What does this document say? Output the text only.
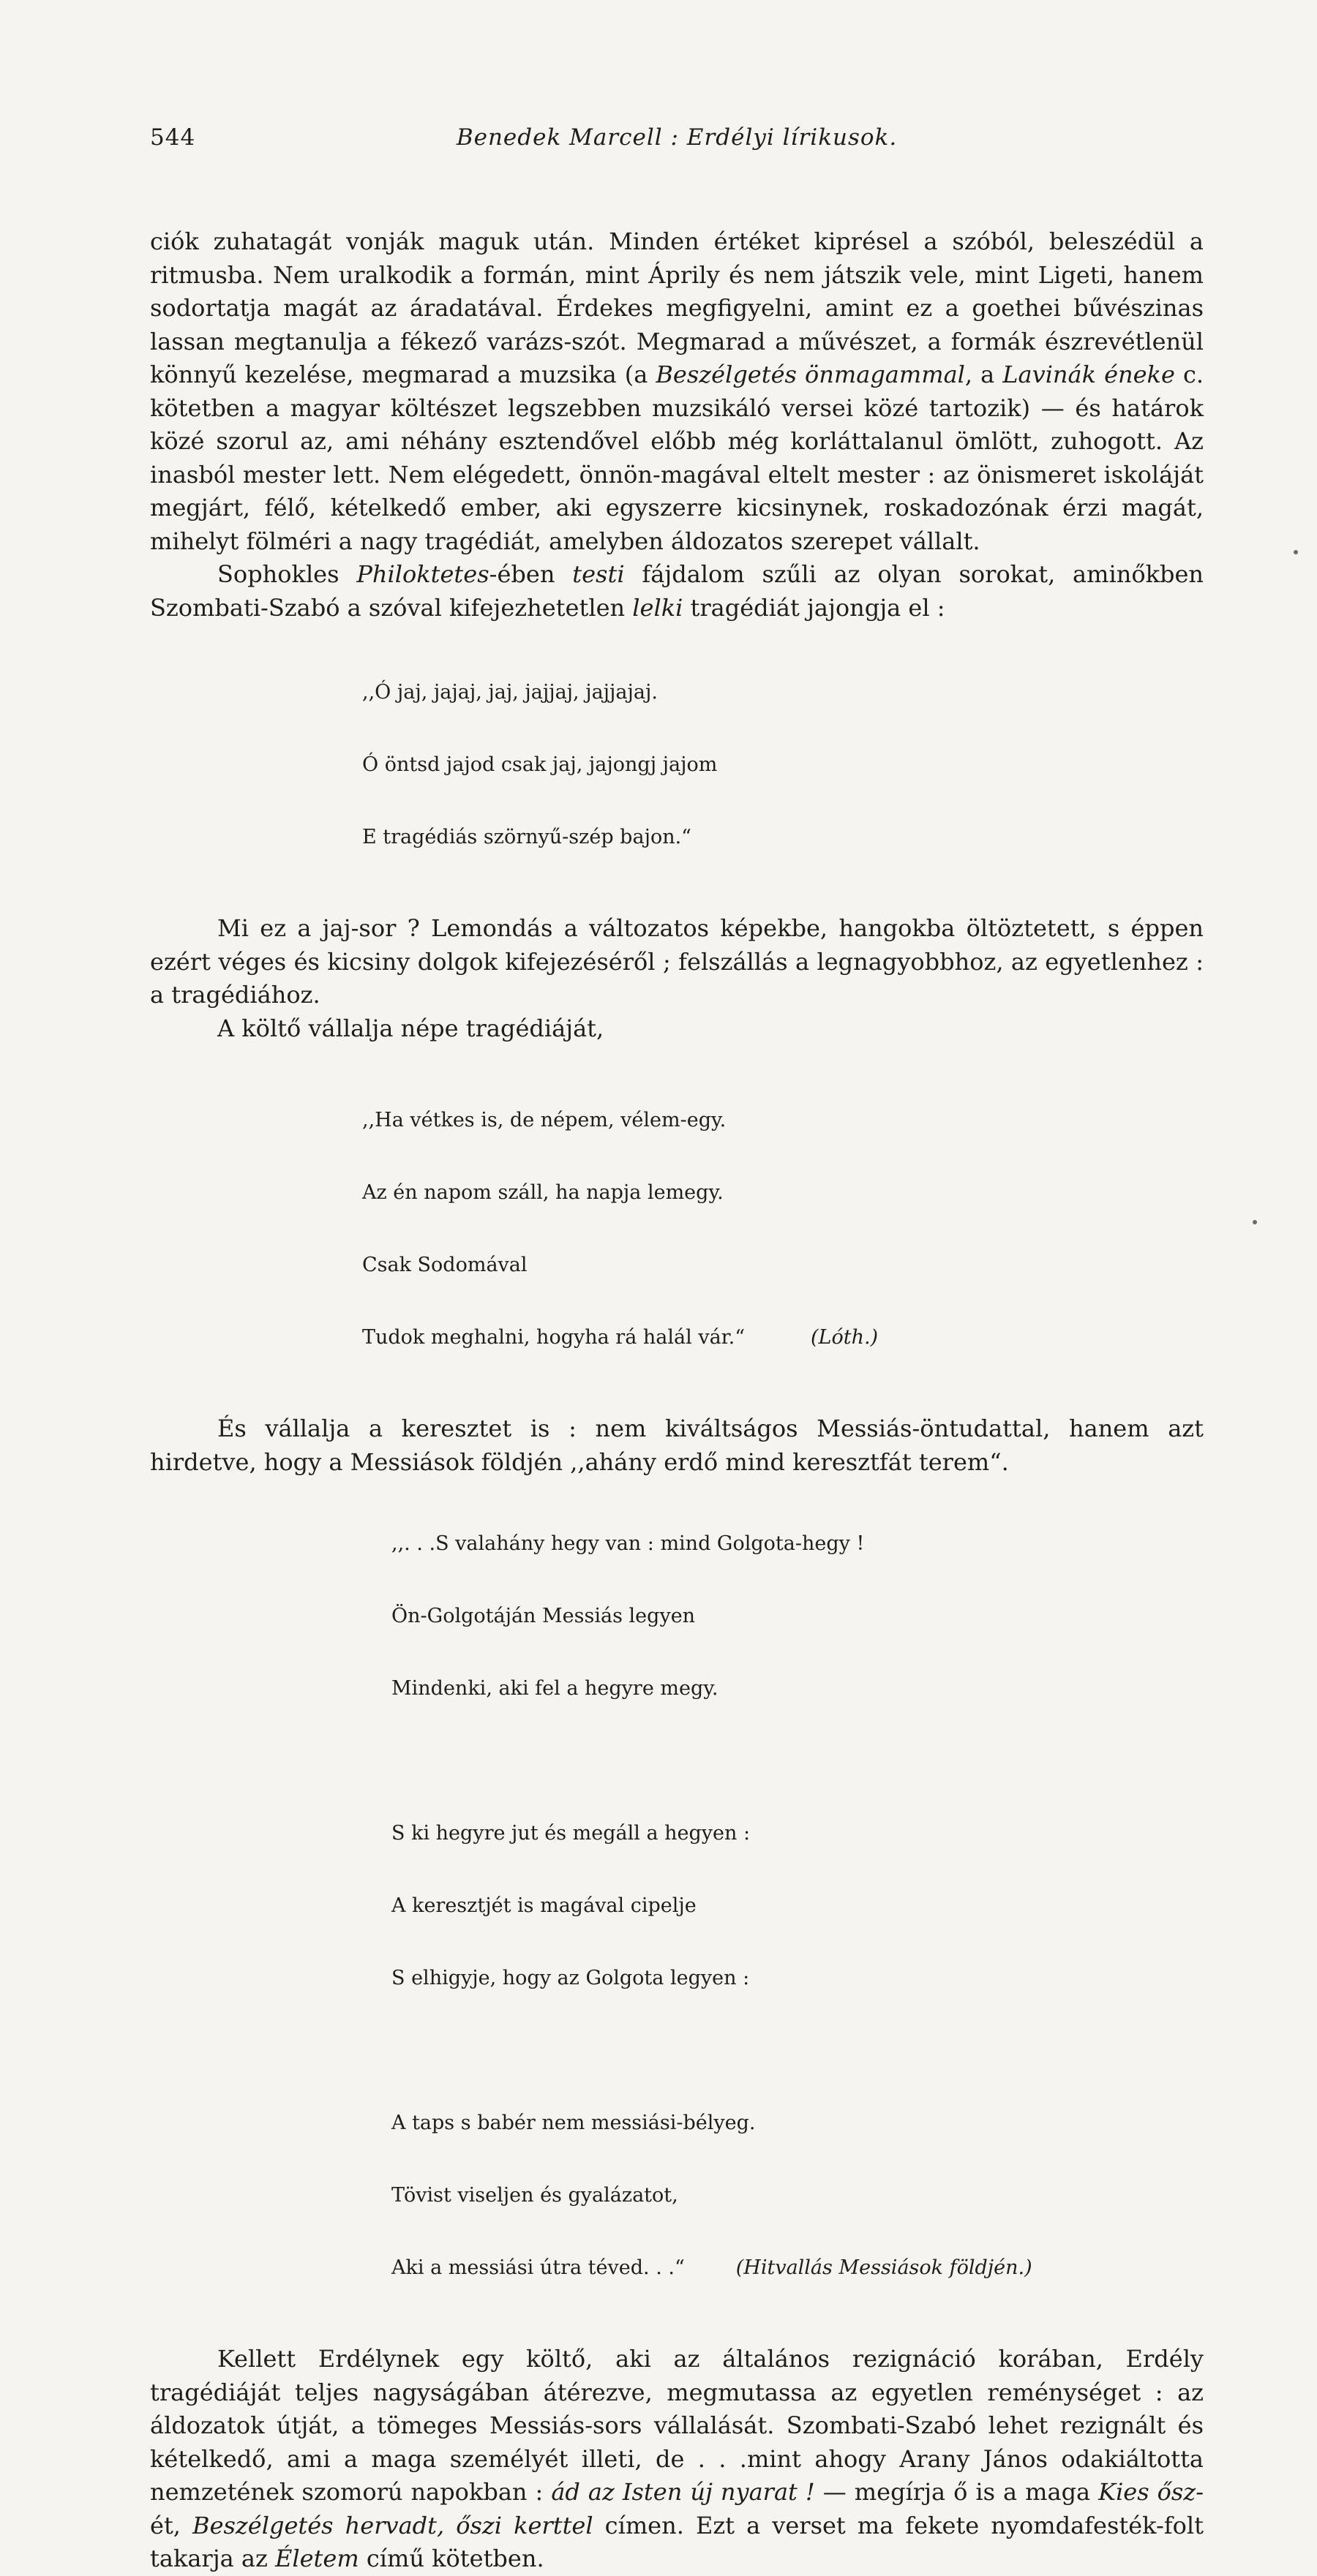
544	Benedek Marcell : Erdélyi lírikusok.

ciók zuhatagát vonják maguk után. Minden értéket kiprésel a szóból, beleszédül a ritmusba. Nem uralkodik a formán, mint Áprily és nem játszik vele, mint Ligeti, hanem sodortatja magát az áradatával. Érdekes megfigyelni, amint ez a goethei bűvészinas lassan megtanulja a fékező varázs-szót. Megmarad a művészet, a formák észrevétlenül könnyű kezelése, megmarad a muzsika (a Beszélgetés önmagammal, a Lavinák éneke c. kötetben a magyar költészet legszebben muzsikáló versei közé tartozik) — és határok közé szorul az, ami néhány esztendővel előbb még korláttalanul ömlött, zuhogott. Az inasból mester lett. Nem elégedett, önnön-magával eltelt mester : az önismeret iskoláját megjárt, félő, kételkedő ember, aki egyszerre kicsinynek, roskadozónak érzi magát, mihelyt fölméri a nagy tragédiát, amelyben áldozatos szerepet vállalt.

Sophokles Philoktetes-ében testi fájdalom szűli az olyan sorokat, aminőkben Szombati-Szabó a szóval kifejezhetetlen lelki tragédiát jajongja el :

,,Ó jaj, jajaj, jaj, jajjaj, jajjajaj.

Ó öntsd jajod csak jaj, jajongj jajom

E tragédiás szörnyű-szép bajon.“

Mi ez a jaj-sor ? Lemondás a változatos képekbe, hangokba öltöztetett, s éppen ezért véges és kicsiny dolgok kifejezéséről ; felszállás a legnagyobbhoz, az egyetlenhez : a tragédiához.

A költő vállalja népe tragédiáját,

,,Ha vétkes is, de népem, vélem-egy.

Az én napom száll, ha napja lemegy.

Csak Sodomával

Tudok meghalni, hogyha rá halál vár.“	(Lóth.)

És vállalja a keresztet is : nem kiváltságos Messiás-öntudattal, hanem azt hirdetve, hogy a Messiások földjén ,,ahány erdő mind keresztfát terem“.

,,. . .S valahány hegy van : mind Golgota-hegy !

Ön-Golgotáján Messiás legyen

Mindenki, aki fel a hegyre megy.

S ki hegyre jut és megáll a hegyen :

A keresztjét is magával cipelje

S elhigyje, hogy az Golgota legyen :

A taps s babér nem messiási-bélyeg.

Tövist viseljen és gyalázatot,

Aki a messiási útra téved. . .“	(Hitvallás Messiások földjén.)

Kellett Erdélynek egy költő, aki az általános rezignáció korában, Erdély tragédiáját teljes nagyságában átérezve, megmutassa az egyetlen reménységet : az áldozatok útját, a tömeges Messiás-sors vállalását. Szombati-Szabó lehet rezignált és kételkedő, ami a maga személyét illeti, de . . .mint ahogy Arany János odakiáltotta nemzetének szomorú napokban : ád az Isten új nyarat ! — megírja ő is a maga Kies ősz-ét, Beszélgetés hervadt, őszi kerttel címen. Ezt a verset ma fekete nyomdafesték-folt takarja az Életem című kötetben.
